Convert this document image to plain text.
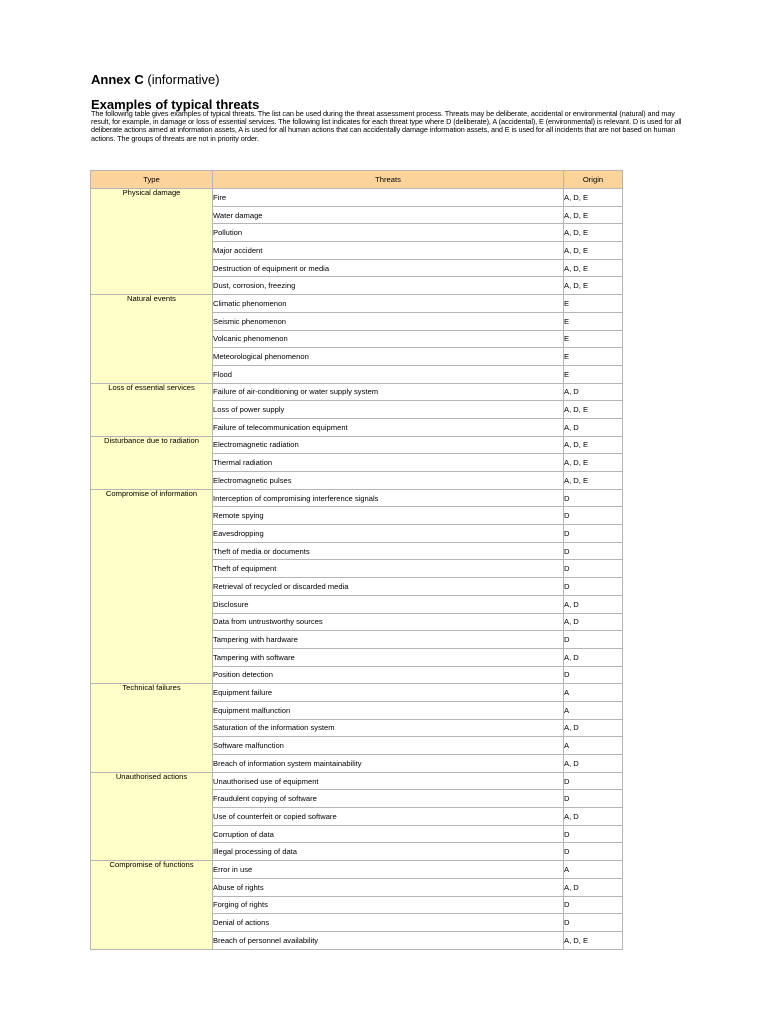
Annex C (informative)
Examples of typical threats
The following table gives examples of typical threats. The list can be used during the threat assessment process. Threats may be deliberate, accidental or environmental (natural) and may result, for example, in damage or loss of essential services. The following list indicates for each threat type where D (deliberate), A (accidental), E (environmental) is relevant. D is used for all deliberate actions aimed at information assets, A is used for all human actions that can accidentally damage information assets, and E is used for all incidents that are not based on human actions. The groups of threats are not in priority order.
Type	Threats	Origin
Physical damage	Fire	A, D, E
	Water damage	A, D, E
	Pollution	A, D, E
	Major accident	A, D, E
	Destruction of equipment or media	A, D, E
	Dust, corrosion, freezing	A, D, E
Natural events	Climatic phenomenon	E
	Seismic phenomenon	E
	Volcanic phenomenon	E
	Meteorological phenomenon	E
	Flood	E
Loss of essential services	Failure of air-conditioning or water supply system	A, D
	Loss of power supply	A, D, E
	Failure of telecommunication equipment	A, D
Disturbance due to radiation	Electromagnetic radiation	A, D, E
	Thermal radiation	A, D, E
	Electromagnetic pulses	A, D, E
Compromise of information	Interception of compromising interference signals	D
	Remote spying	D
	Eavesdropping	D
	Theft of media or documents	D
	Theft of equipment	D
	Retrieval of recycled or discarded media	D
	Disclosure	A, D
	Data from untrustworthy sources	A, D
	Tampering with hardware	D
	Tampering with software	A, D
	Position detection	D
Technical failures	Equipment failure	A
	Equipment malfunction	A
	Saturation of the information system	A, D
	Software malfunction	A
	Breach of information system maintainability	A, D
Unauthorised actions	Unauthorised use of equipment	D
	Fraudulent copying of software	D
	Use of counterfeit or copied software	A, D
	Corruption of data	D
	Illegal processing of data	D
Compromise of functions	Error in use	A
	Abuse of rights	A, D
	Forging of rights	D
	Denial of actions	D
	Breach of personnel availability	A, D, E
